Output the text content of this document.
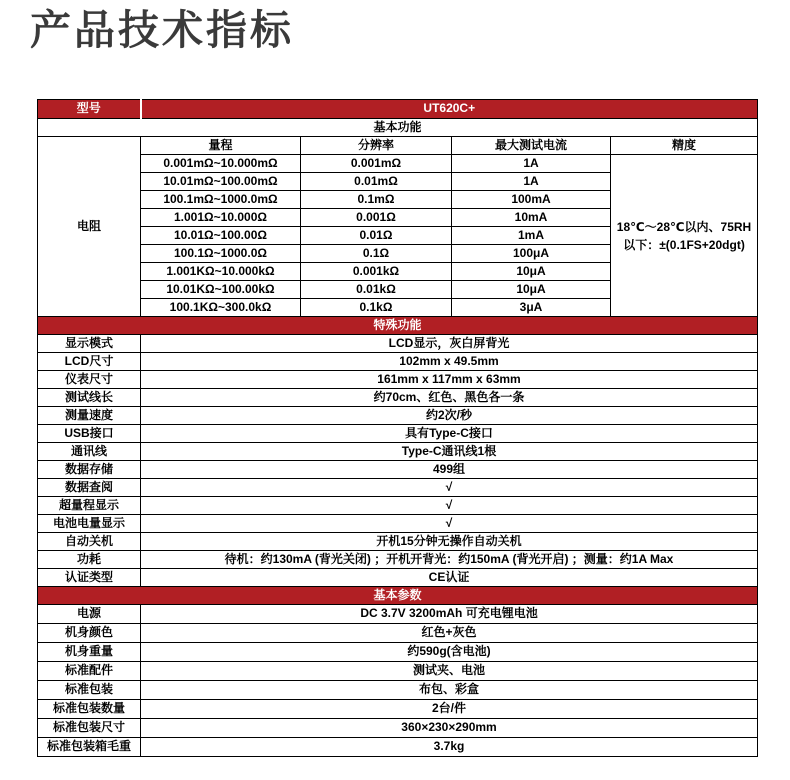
产品技术指标
型号	UT620C+			
基本功能				
电阻	量程	分辨率	最大测试电流	精度
	0.001mΩ~10.000mΩ	0.001mΩ	1A	18℃～28℃以内、75RH以下：±(0.1FS+20dgt)
	10.01mΩ~100.00mΩ	0.01mΩ	1A	
	100.1mΩ~1000.0mΩ	0.1mΩ	100mA	
	1.001Ω~10.000Ω	0.001Ω	10mA	
	10.01Ω~100.00Ω	0.01Ω	1mA	
	100.1Ω~1000.0Ω	0.1Ω	100μA	
	1.001KΩ~10.000kΩ	0.001kΩ	10μA	
	10.01KΩ~100.00kΩ	0.01kΩ	10μA	
	100.1KΩ~300.0kΩ	0.1kΩ	3μA	
特殊功能				
显示模式	LCD显示，灰白屏背光			
LCD尺寸	102mm x 49.5mm			
仪表尺寸	161mm x 117mm x 63mm			
测试线长	约70cm、红色、黑色各一条			
测量速度	约2次/秒			
USB接口	具有Type-C接口			
通讯线	Type-C通讯线1根			
数据存储	499组			
数据查阅	√			
超量程显示	√			
电池电量显示	√			
自动关机	开机15分钟无操作自动关机			
功耗	待机：约130mA (背光关闭) ；开机开背光：约150mA (背光开启) ；测量：约1A Max			
认证类型	CE认证			
基本参数				
电源	DC 3.7V 3200mAh 可充电锂电池			
机身颜色	红色+灰色			
机身重量	约590g(含电池)			
标准配件	测试夹、电池			
标准包装	布包、彩盒			
标准包装数量	2台/件			
标准包装尺寸	360×230×290mm			
标准包装箱毛重	3.7kg			
